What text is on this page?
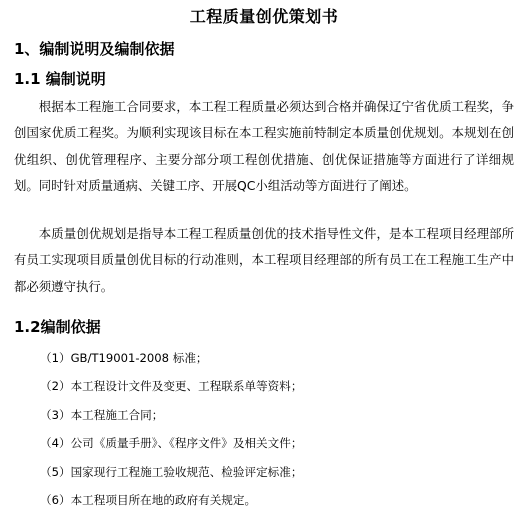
工程质量创优策划书
1、编制说明及编制依据
1.1 编制说明

根据本工程施工合同要求，本工程工程质量必须达到合格并确保辽宁省优质工程奖，争创国家优质工程奖。为顺利实现该目标在本工程实施前特制定本质量创优规划。本规划在创优组织、创优管理程序、主要分部分项工程创优措施、创优保证措施等方面进行了详细规划。同时针对质量通病、关键工序、开展QC小组活动等方面进行了阐述。

本质量创优规划是指导本工程工程质量创优的技术指导性文件，是本工程项目经理部所有员工实现项目质量创优目标的行动准则，本工程项目经理部的所有员工在工程施工生产中都必须遵守执行。

1.2编制依据
（1）GB/T19001-2008 标准；
（2）本工程设计文件及变更、工程联系单等资料；
（3）本工程施工合同；
（4）公司《质量手册》、《程序文件》及相关文件；
（5）国家现行工程施工验收规范、检验评定标准；
（6）本工程项目所在地的政府有关规定。
